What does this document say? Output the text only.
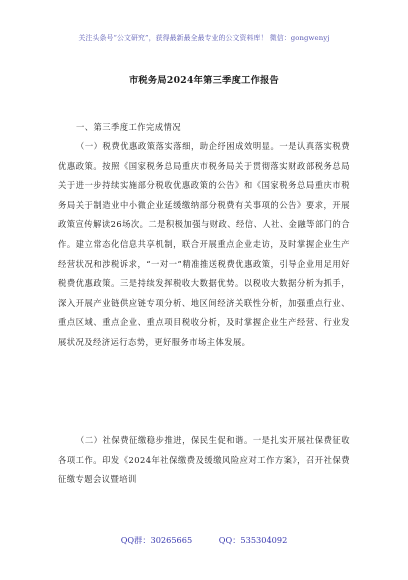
关注头条号“公文研究”，获得最新最全最专业的公文资料库！ 微信：gongwenyj
市税务局2024年第三季度工作报告

一、第三季度工作完成情况

（一）税费优惠政策落实落细，助企纾困成效明显。一是认真落实税费优惠政策。按照《国家税务总局重庆市税务局关于贯彻落实财政部税务总局关于进一步持续实施部分税收优惠政策的公告》和《国家税务总局重庆市税务局关于制造业中小微企业延缓缴纳部分税费有关事项的公告》要求，开展政策宣传解读26场次。二是积极加强与财政、经信、人社、金融等部门的合作。建立常态化信息共享机制，联合开展重点企业走访，及时掌握企业生产经营状况和涉税诉求，“一对一”精准推送税费优惠政策，引导企业用足用好税费优惠政策。三是持续发挥税收大数据优势。以税收大数据分析为抓手，深入开展产业链供应链专项分析、地区间经济关联性分析，加强重点行业、重点区域、重点企业、重点项目税收分析，及时掌握企业生产经营、行业发展状况及经济运行态势，更好服务市场主体发展。

（二）社保费征缴稳步推进，保民生促和谐。一是扎实开展社保费征收各项工作。印发《2024年社保缴费及缓缴风险应对工作方案》，召开社保费征缴专题会议暨培训

QQ群：30265665	QQ：535304092
